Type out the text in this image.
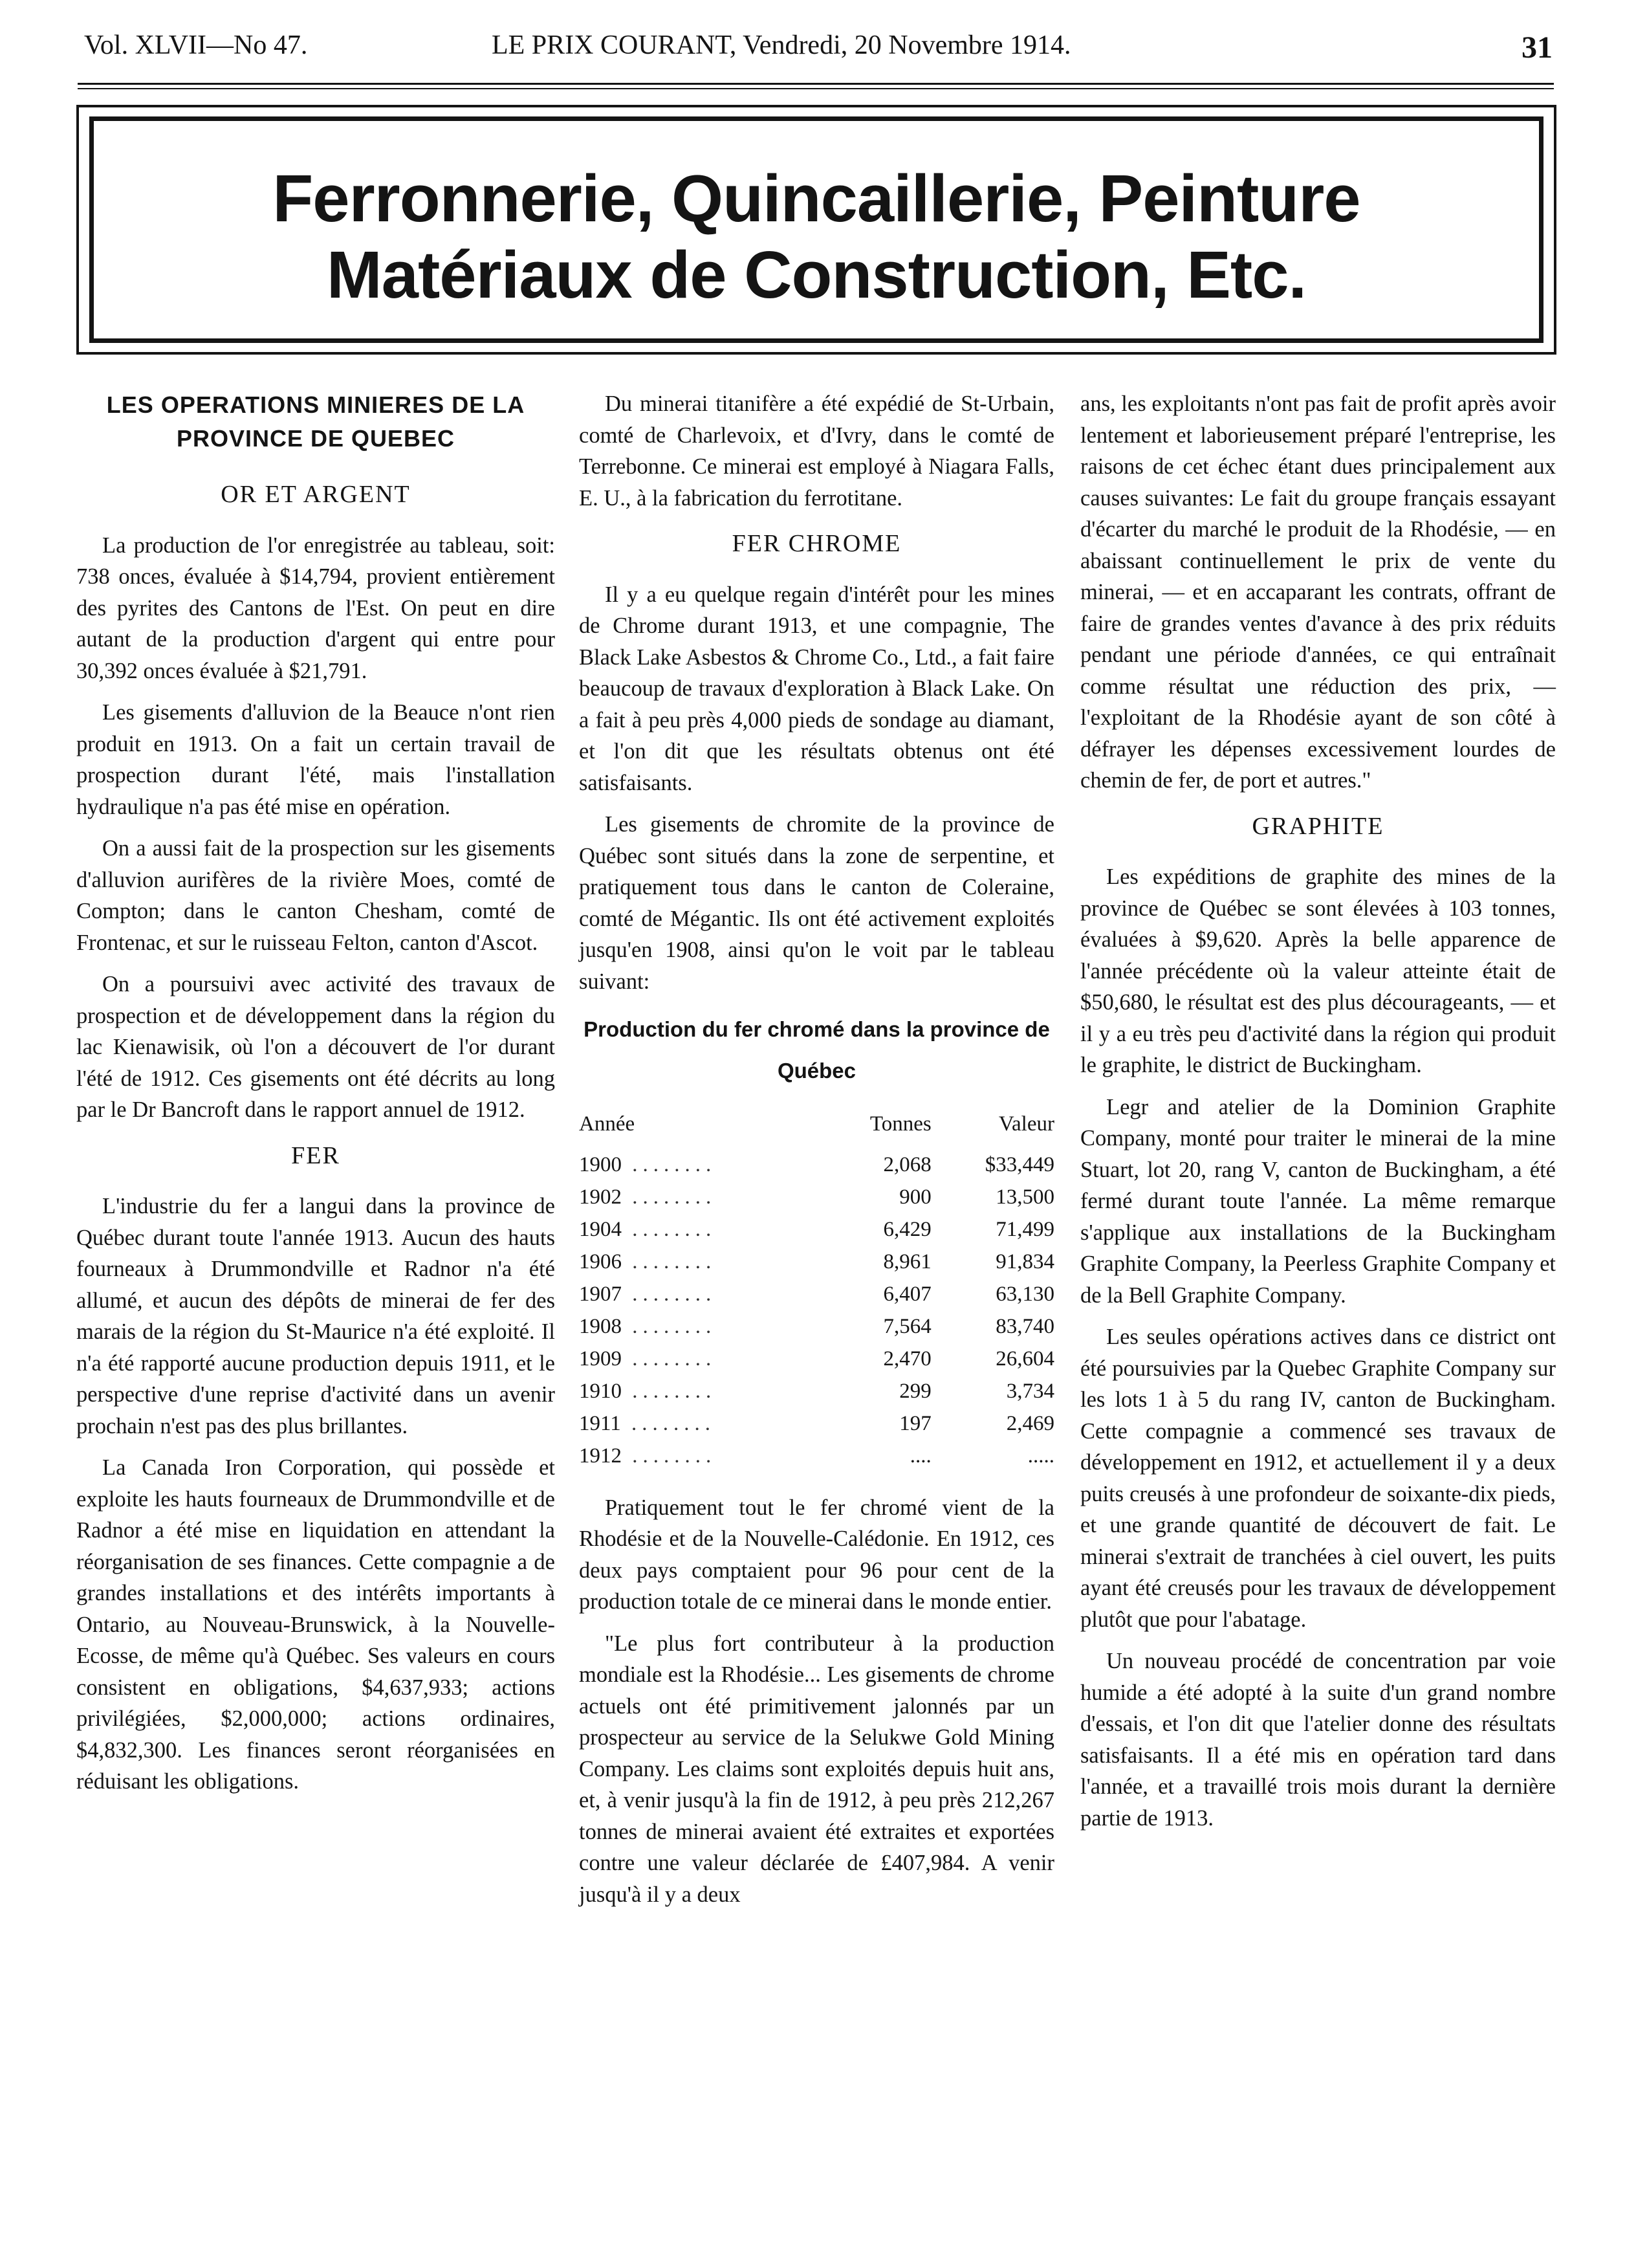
Vol. XLVII—No 47.	LE PRIX COURANT, Vendredi, 20 Novembre 1914.	31
Ferronnerie, Quincaillerie, Peinture
Matériaux de Construction, Etc.
LES OPERATIONS MINIERES DE LA PROVINCE DE QUEBEC
OR ET ARGENT

La production de l'or enregistrée au tableau, soit: 738 onces, évaluée à $14,794, provient entièrement des pyrites des Cantons de l'Est. On peut en dire autant de la production d'argent qui entre pour 30,392 onces évaluée à $21,791.

Les gisements d'alluvion de la Beauce n'ont rien produit en 1913. On a fait un certain travail de prospection durant l'été, mais l'installation hydraulique n'a pas été mise en opération.

On a aussi fait de la prospection sur les gisements d'alluvion aurifères de la rivière Moes, comté de Compton; dans le canton Chesham, comté de Frontenac, et sur le ruisseau Felton, canton d'Ascot.

On a poursuivi avec activité des travaux de prospection et de développement dans la région du lac Kienawisik, où l'on a découvert de l'or durant l'été de 1912. Ces gisements ont été décrits au long par le Dr Bancroft dans le rapport annuel de 1912.

FER

L'industrie du fer a langui dans la province de Québec durant toute l'année 1913. Aucun des hauts fourneaux à Drummondville et Radnor n'a été allumé, et aucun des dépôts de minerai de fer des marais de la région du St-Maurice n'a été exploité. Il n'a été rapporté aucune production depuis 1911, et le perspective d'une reprise d'activité dans un avenir prochain n'est pas des plus brillantes.

La Canada Iron Corporation, qui possède et exploite les hauts fourneaux de Drummondville et de Radnor a été mise en liquidation en attendant la réorganisation de ses finances. Cette compagnie a de grandes installations et des intérêts importants à Ontario, au Nouveau-Brunswick, à la Nouvelle-Ecosse, de même qu'à Québec. Ses valeurs en cours consistent en obligations, $4,637,933; actions privilégiées, $2,000,000; actions ordinaires, $4,832,300. Les finances seront réorganisées en réduisant les obligations.

Du minerai titanifère a été expédié de St-Urbain, comté de Charlevoix, et d'Ivry, dans le comté de Terrebonne. Ce minerai est employé à Niagara Falls, E. U., à la fabrication du ferrotitane.

FER CHROME

Il y a eu quelque regain d'intérêt pour les mines de Chrome durant 1913, et une compagnie, The Black Lake Asbestos & Chrome Co., Ltd., a fait faire beaucoup de travaux d'exploration à Black Lake. On a fait à peu près 4,000 pieds de sondage au diamant, et l'on dit que les résultats obtenus ont été satisfaisants.

Les gisements de chromite de la province de Québec sont situés dans la zone de serpentine, et pratiquement tous dans le canton de Coleraine, comté de Mégantic. Ils ont été activement exploités jusqu'en 1908, ainsi qu'on le voit par le tableau suivant:

Production du fer chromé dans la province de Québec
Année	Tonnes	Valeur
1900 ........	2,068	$33,449
1902 ........	900	13,500
1904 ........	6,429	71,499
1906 ........	8,961	91,834
1907 ........	6,407	63,130
1908 ........	7,564	83,740
1909 ........	2,470	26,604
1910 ........	299	3,734
1911 ........	197	2,469
1912 ........	....	.....

Pratiquement tout le fer chromé vient de la Rhodésie et de la Nouvelle-Calédonie. En 1912, ces deux pays comptaient pour 96 pour cent de la production totale de ce minerai dans le monde entier.

"Le plus fort contributeur à la production mondiale est la Rhodésie... Les gisements de chrome actuels ont été primitivement jalonnés par un prospecteur au service de la Selukwe Gold Mining Company. Les claims sont exploités depuis huit ans, et, à venir jusqu'à la fin de 1912, à peu près 212,267 tonnes de minerai avaient été extraites et exportées contre une valeur déclarée de £407,984. A venir jusqu'à il y a deux

ans, les exploitants n'ont pas fait de profit après avoir lentement et laborieusement préparé l'entreprise, les raisons de cet échec étant dues principalement aux causes suivantes: Le fait du groupe français essayant d'écarter du marché le produit de la Rhodésie, — en abaissant continuellement le prix de vente du minerai, — et en accaparant les contrats, offrant de faire de grandes ventes d'avance à des prix réduits pendant une période d'années, ce qui entraînait comme résultat une réduction des prix, — l'exploitant de la Rhodésie ayant de son côté à défrayer les dépenses excessivement lourdes de chemin de fer, de port et autres."

GRAPHITE

Les expéditions de graphite des mines de la province de Québec se sont élevées à 103 tonnes, évaluées à $9,620. Après la belle apparence de l'année précédente où la valeur atteinte était de $50,680, le résultat est des plus décourageants, — et il y a eu très peu d'activité dans la région qui produit le graphite, le district de Buckingham.

Legr and atelier de la Dominion Graphite Company, monté pour traiter le minerai de la mine Stuart, lot 20, rang V, canton de Buckingham, a été fermé durant toute l'année. La même remarque s'applique aux installations de la Buckingham Graphite Company, la Peerless Graphite Company et de la Bell Graphite Company.

Les seules opérations actives dans ce district ont été poursuivies par la Quebec Graphite Company sur les lots 1 à 5 du rang IV, canton de Buckingham. Cette compagnie a commencé ses travaux de développement en 1912, et actuellement il y a deux puits creusés à une profondeur de soixante-dix pieds, et une grande quantité de découvert de fait. Le minerai s'extrait de tranchées à ciel ouvert, les puits ayant été creusés pour les travaux de développement plutôt que pour l'abatage.

Un nouveau procédé de concentration par voie humide a été adopté à la suite d'un grand nombre d'essais, et l'on dit que l'atelier donne des résultats satisfaisants. Il a été mis en opération tard dans l'année, et a travaillé trois mois durant la dernière partie de 1913.
